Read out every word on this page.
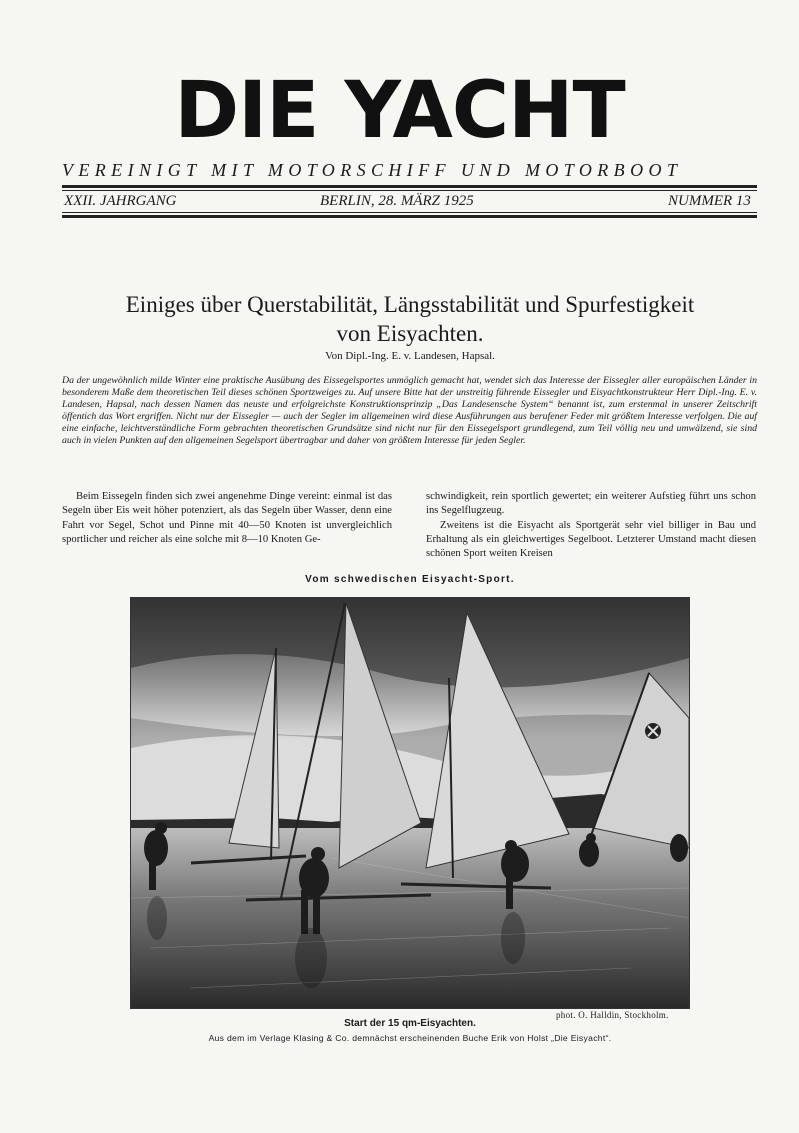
DIE YACHT
VEREINIGT MIT MOTORSCHIFF UND MOTORBOOT
XXII. JAHRGANG	BERLIN, 28. MÄRZ 1925	NUMMER 13
Einiges über Querstabilität, Längsstabilität und Spurfestigkeit
von Eisyachten.
Von Dipl.-Ing. E. v. Landesen, Hapsal.
Da der ungewöhnlich milde Winter eine praktische Ausübung des Eissegelsportes unmöglich gemacht hat, wendet sich das Interesse der Eissegler aller europäischen Länder in besonderem Maße dem theoretischen Teil dieses schönen Sportzweiges zu. Auf unsere Bitte hat der unstreitig führende Eissegler und Eisyachtkonstrukteur Herr Dipl.-Ing. E. v. Landesen, Hapsal, nach dessen Namen das neuste und erfolgreichste Konstruktionsprinzip „Das Landesensche System“ benannt ist, zum erstenmal in unserer Zeitschrift öffentich das Wort ergriffen. Nicht nur der Eissegler — auch der Segler im allgemeinen wird diese Ausführungen aus berufener Feder mit größtem Interesse verfolgen. Die auf eine einfache, leichtverständliche Form gebrachten theoretischen Grundsätze sind nicht nur für den Eissegelsport grundlegend, zum Teil völlig neu und umwälzend, sie sind auch in vielen Punkten auf den allgemeinen Segelsport übertragbar und daher von größtem Interesse für jeden Segler.

Beim Eissegeln finden sich zwei angenehme Dinge vereint: einmal ist das Segeln über Eis weit höher potenziert, als das Segeln über Wasser, denn eine Fahrt vor Segel, Schot und Pinne mit 40—50 Knoten ist unvergleichlich sportlicher und reicher als eine solche mit 8—10 Knoten Ge-

schwindigkeit, rein sportlich gewertet; ein weiterer Aufstieg führt uns schon ins Segelflugzeug.

Zweitens ist die Eisyacht als Sportgerät sehr viel billiger in Bau und Erhaltung als ein gleichwertiges Segelboot. Letzterer Umstand macht diesen schönen Sport weiten Kreisen

Vom schwedischen Eisyacht-Sport.
phot. O. Halldin, Stockholm.
Start der 15 qm-Eisyachten.
Aus dem im Verlage Klasing & Co. demnächst erscheinenden Buche Erik von Holst „Die Eisyacht“.
